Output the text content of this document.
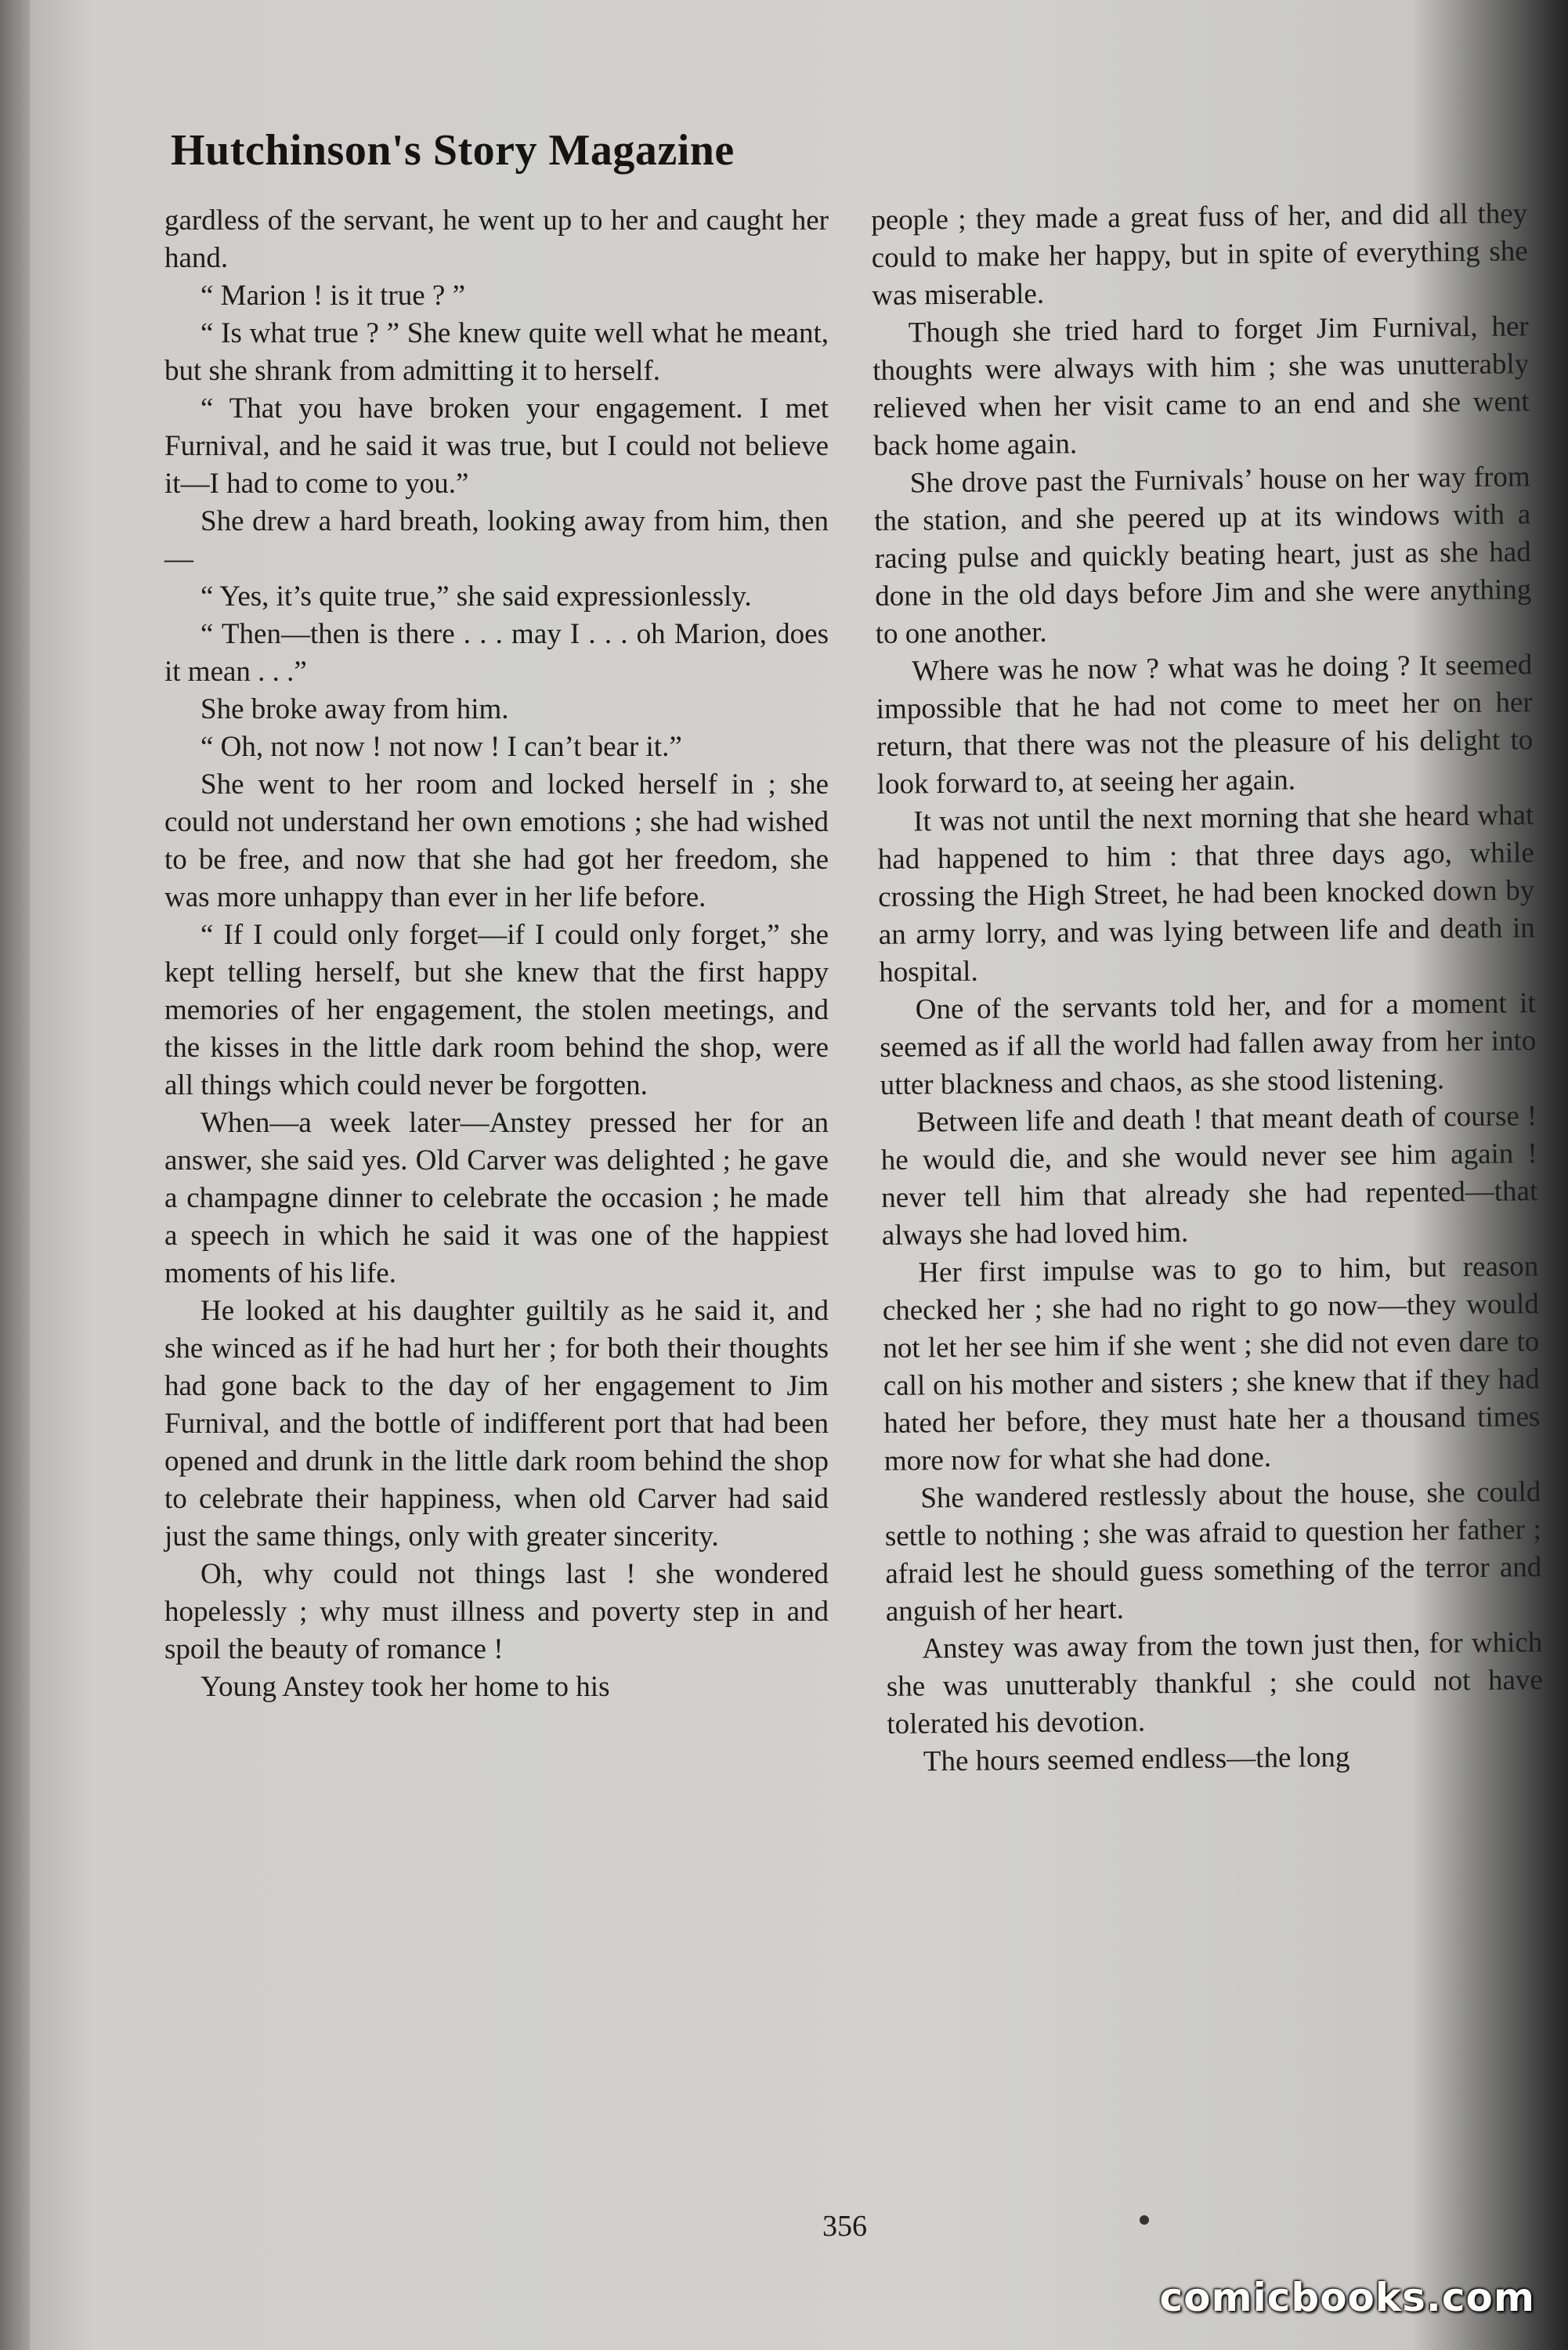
Hutchinson's Story Magazine

gardless of the servant, he went up to her and caught her hand.

“ Marion ! is it true ? ”

“ Is what true ? ” She knew quite well what he meant, but she shrank from admitting it to herself.

“ That you have broken your engagement. I met Furnival, and he said it was true, but I could not believe it—I had to come to you.”

She drew a hard breath, looking away from him, then—

“ Yes, it’s quite true,” she said expressionlessly.

“ Then—then is there . . . may I . . . oh Marion, does it mean . . .”

She broke away from him.

“ Oh, not now ! not now ! I can’t bear it.”

She went to her room and locked herself in ; she could not understand her own emotions ; she had wished to be free, and now that she had got her freedom, she was more unhappy than ever in her life before.

“ If I could only forget—if I could only forget,” she kept telling herself, but she knew that the first happy memories of her engagement, the stolen meetings, and the kisses in the little dark room behind the shop, were all things which could never be forgotten.

When—a week later—Anstey pressed her for an answer, she said yes. Old Carver was delighted ; he gave a champagne dinner to celebrate the occasion ; he made a speech in which he said it was one of the happiest moments of his life.

He looked at his daughter guiltily as he said it, and she winced as if he had hurt her ; for both their thoughts had gone back to the day of her engagement to Jim Furnival, and the bottle of indifferent port that had been opened and drunk in the little dark room behind the shop to celebrate their happiness, when old Carver had said just the same things, only with greater sincerity.

Oh, why could not things last ! she wondered hopelessly ; why must illness and poverty step in and spoil the beauty of romance !

Young Anstey took her home to his

people ; they made a great fuss of her, and did all they could to make her happy, but in spite of everything she was miserable.

Though she tried hard to forget Jim Furnival, her thoughts were always with him ; she was unutterably relieved when her visit came to an end and she went back home again.

She drove past the Furnivals’ house on her way from the station, and she peered up at its windows with a racing pulse and quickly beating heart, just as she had done in the old days before Jim and she were anything to one another.

Where was he now ? what was he doing ? It seemed impossible that he had not come to meet her on her return, that there was not the pleasure of his delight to look forward to, at seeing her again.

It was not until the next morning that she heard what had happened to him : that three days ago, while crossing the High Street, he had been knocked down by an army lorry, and was lying between life and death in hospital.

One of the servants told her, and for a moment it seemed as if all the world had fallen away from her into utter blackness and chaos, as she stood listening.

Between life and death ! that meant death of course ! he would die, and she would never see him again ! never tell him that already she had repented—that always she had loved him.

Her first impulse was to go to him, but reason checked her ; she had no right to go now—they would not let her see him if she went ; she did not even dare to call on his mother and sisters ; she knew that if they had hated her before, they must hate her a thousand times more now for what she had done.

She wandered restlessly about the house, she could settle to nothing ; she was afraid to question her father ; afraid lest he should guess something of the terror and anguish of her heart.

Anstey was away from the town just then, for which she was unutterably thankful ; she could not have tolerated his devotion.

The hours seemed endless—the long

356
comicbooks.com
